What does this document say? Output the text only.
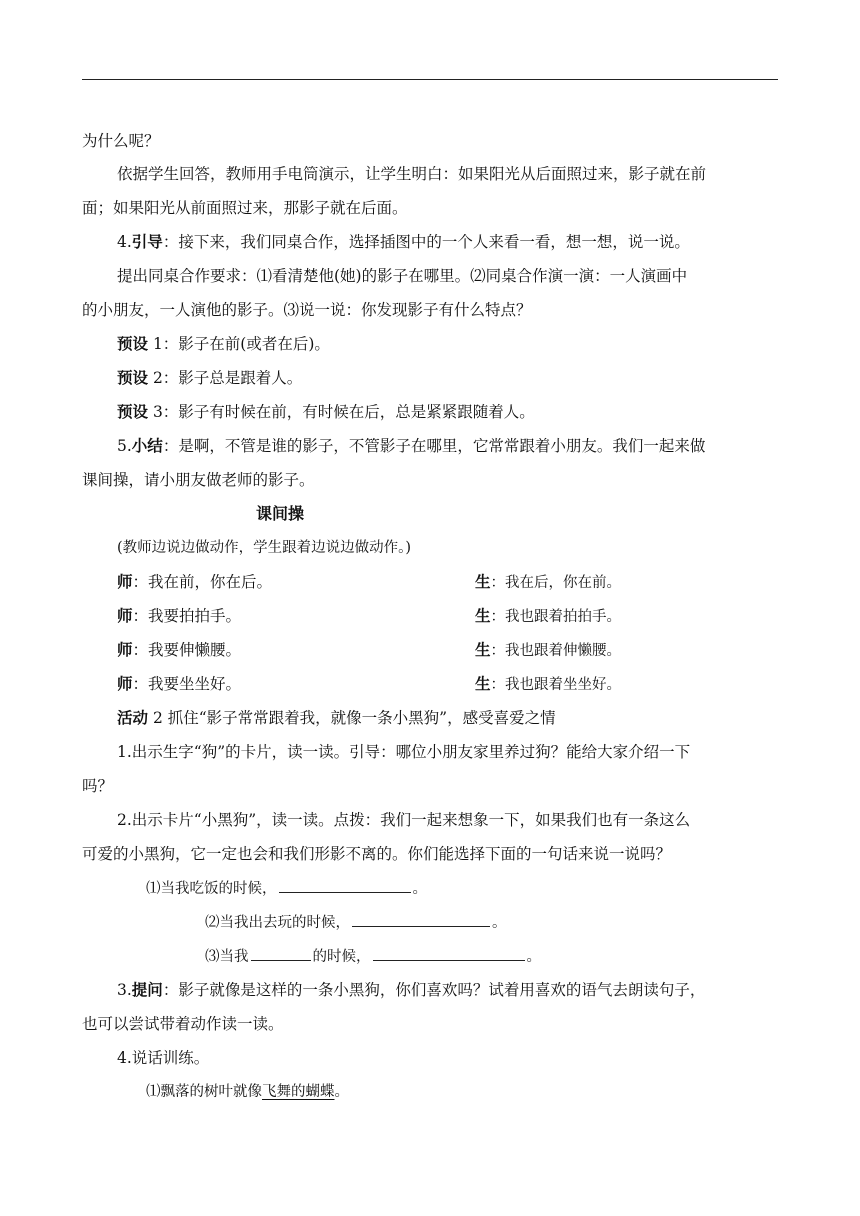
为什么呢？
依据学生回答，教师用手电筒演示，让学生明白：如果阳光从后面照过来，影子就在前
面；如果阳光从前面照过来，那影子就在后面。
4.引导：接下来，我们同桌合作，选择插图中的一个人来看一看，想一想，说一说。
提出同桌合作要求：⑴看清楚他(她)的影子在哪里。⑵同桌合作演一演：一人演画中
的小朋友，一人演他的影子。⑶说一说：你发现影子有什么特点？
预设 1：影子在前(或者在后)。
预设 2：影子总是跟着人。
预设 3：影子有时候在前，有时候在后，总是紧紧跟随着人。
5.小结：是啊，不管是谁的影子，不管影子在哪里，它常常跟着小朋友。我们一起来做
课间操，请小朋友做老师的影子。
课间操
(教师边说边做动作，学生跟着边说边做动作。)
师：我在前，你在后。	生：我在后，你在前。
师：我要拍拍手。	生：我也跟着拍拍手。
师：我要伸懒腰。	生：我也跟着伸懒腰。
师：我要坐坐好。	生：我也跟着坐坐好。
活动 2 抓住“影子常常跟着我，就像一条小黑狗”，感受喜爱之情
1.出示生字“狗”的卡片，读一读。引导：哪位小朋友家里养过狗？能给大家介绍一下
吗？
2.出示卡片“小黑狗”，读一读。点拨：我们一起来想象一下，如果我们也有一条这么
可爱的小黑狗，它一定也会和我们形影不离的。你们能选择下面的一句话来说一说吗？
⑴当我吃饭的时候，	。
⑵当我出去玩的时候，	。
⑶当我	的时候，	。
3.提问：影子就像是这样的一条小黑狗，你们喜欢吗？试着用喜欢的语气去朗读句子，
也可以尝试带着动作读一读。
4.说话训练。
⑴飘落的树叶就像飞舞的蝴蝶。
